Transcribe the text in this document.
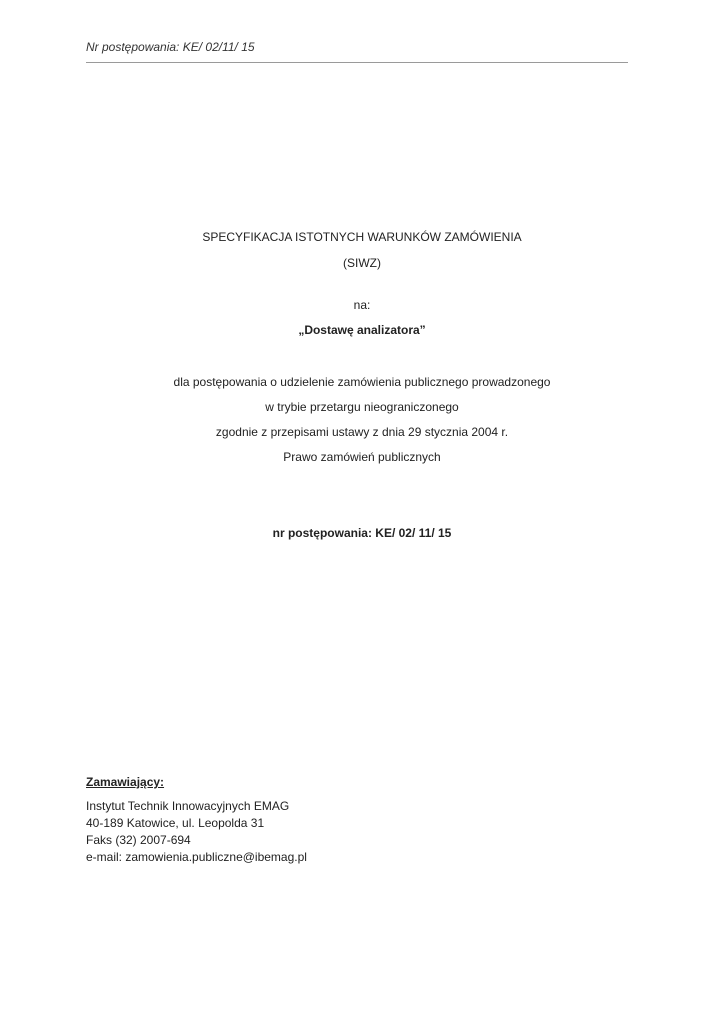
Nr postępowania: KE/ 02/11/ 15
SPECYFIKACJA ISTOTNYCH WARUNKÓW ZAMÓWIENIA
(SIWZ)
na:
„Dostawę analizatora”
dla postępowania o udzielenie zamówienia publicznego prowadzonego
w trybie przetargu nieograniczonego
zgodnie z przepisami ustawy z dnia 29 stycznia 2004 r.
Prawo zamówień publicznych
nr postępowania: KE/ 02/ 11/ 15
Zamawiający:
Instytut Technik Innowacyjnych EMAG
40-189 Katowice, ul. Leopolda 31
Faks (32) 2007-694
e-mail: zamowienia.publiczne@ibemag.pl
